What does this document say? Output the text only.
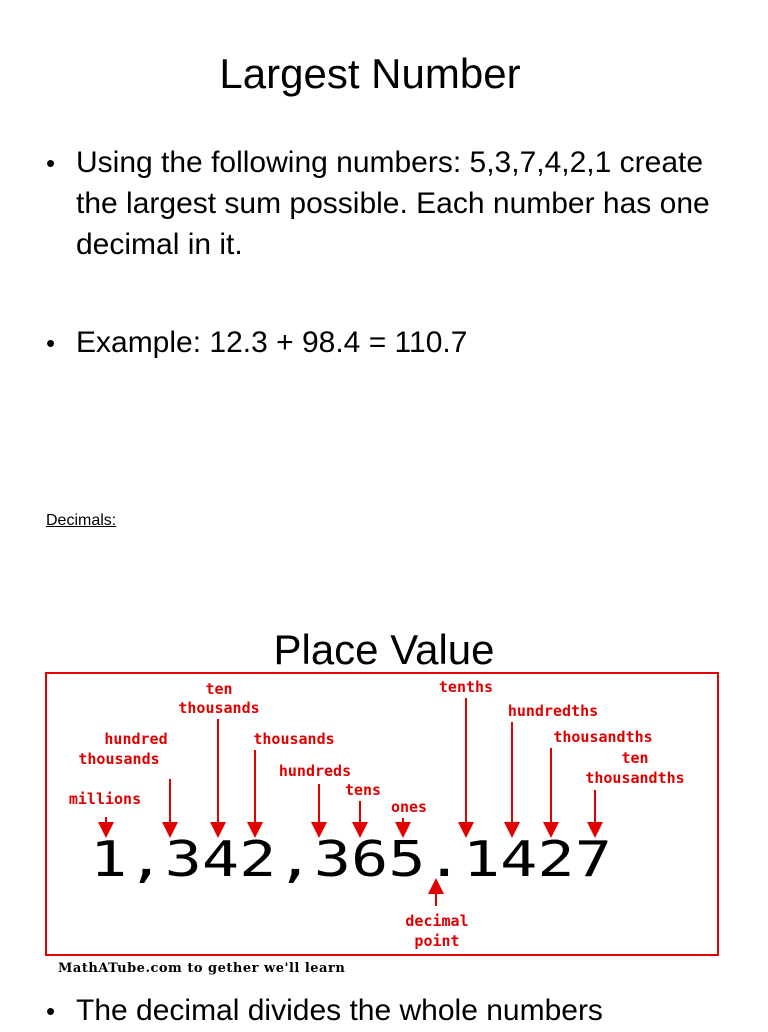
Largest Number
• Using the following numbers: 5,3,7,4,2,1 create the largest sum possible. Each number has one decimal in it.
• Example: 12.3 + 98.4 = 110.7
Decimals:
Place Value
ten
thousands
tenths
hundredths
hundred
thousands
thousands	thousandths
ten
thousandths
hundreds
tens
ones
millions
decimal
point
1,342,365.1427
MathATube.com to gether we'll learn
• The decimal divides the whole numbers
